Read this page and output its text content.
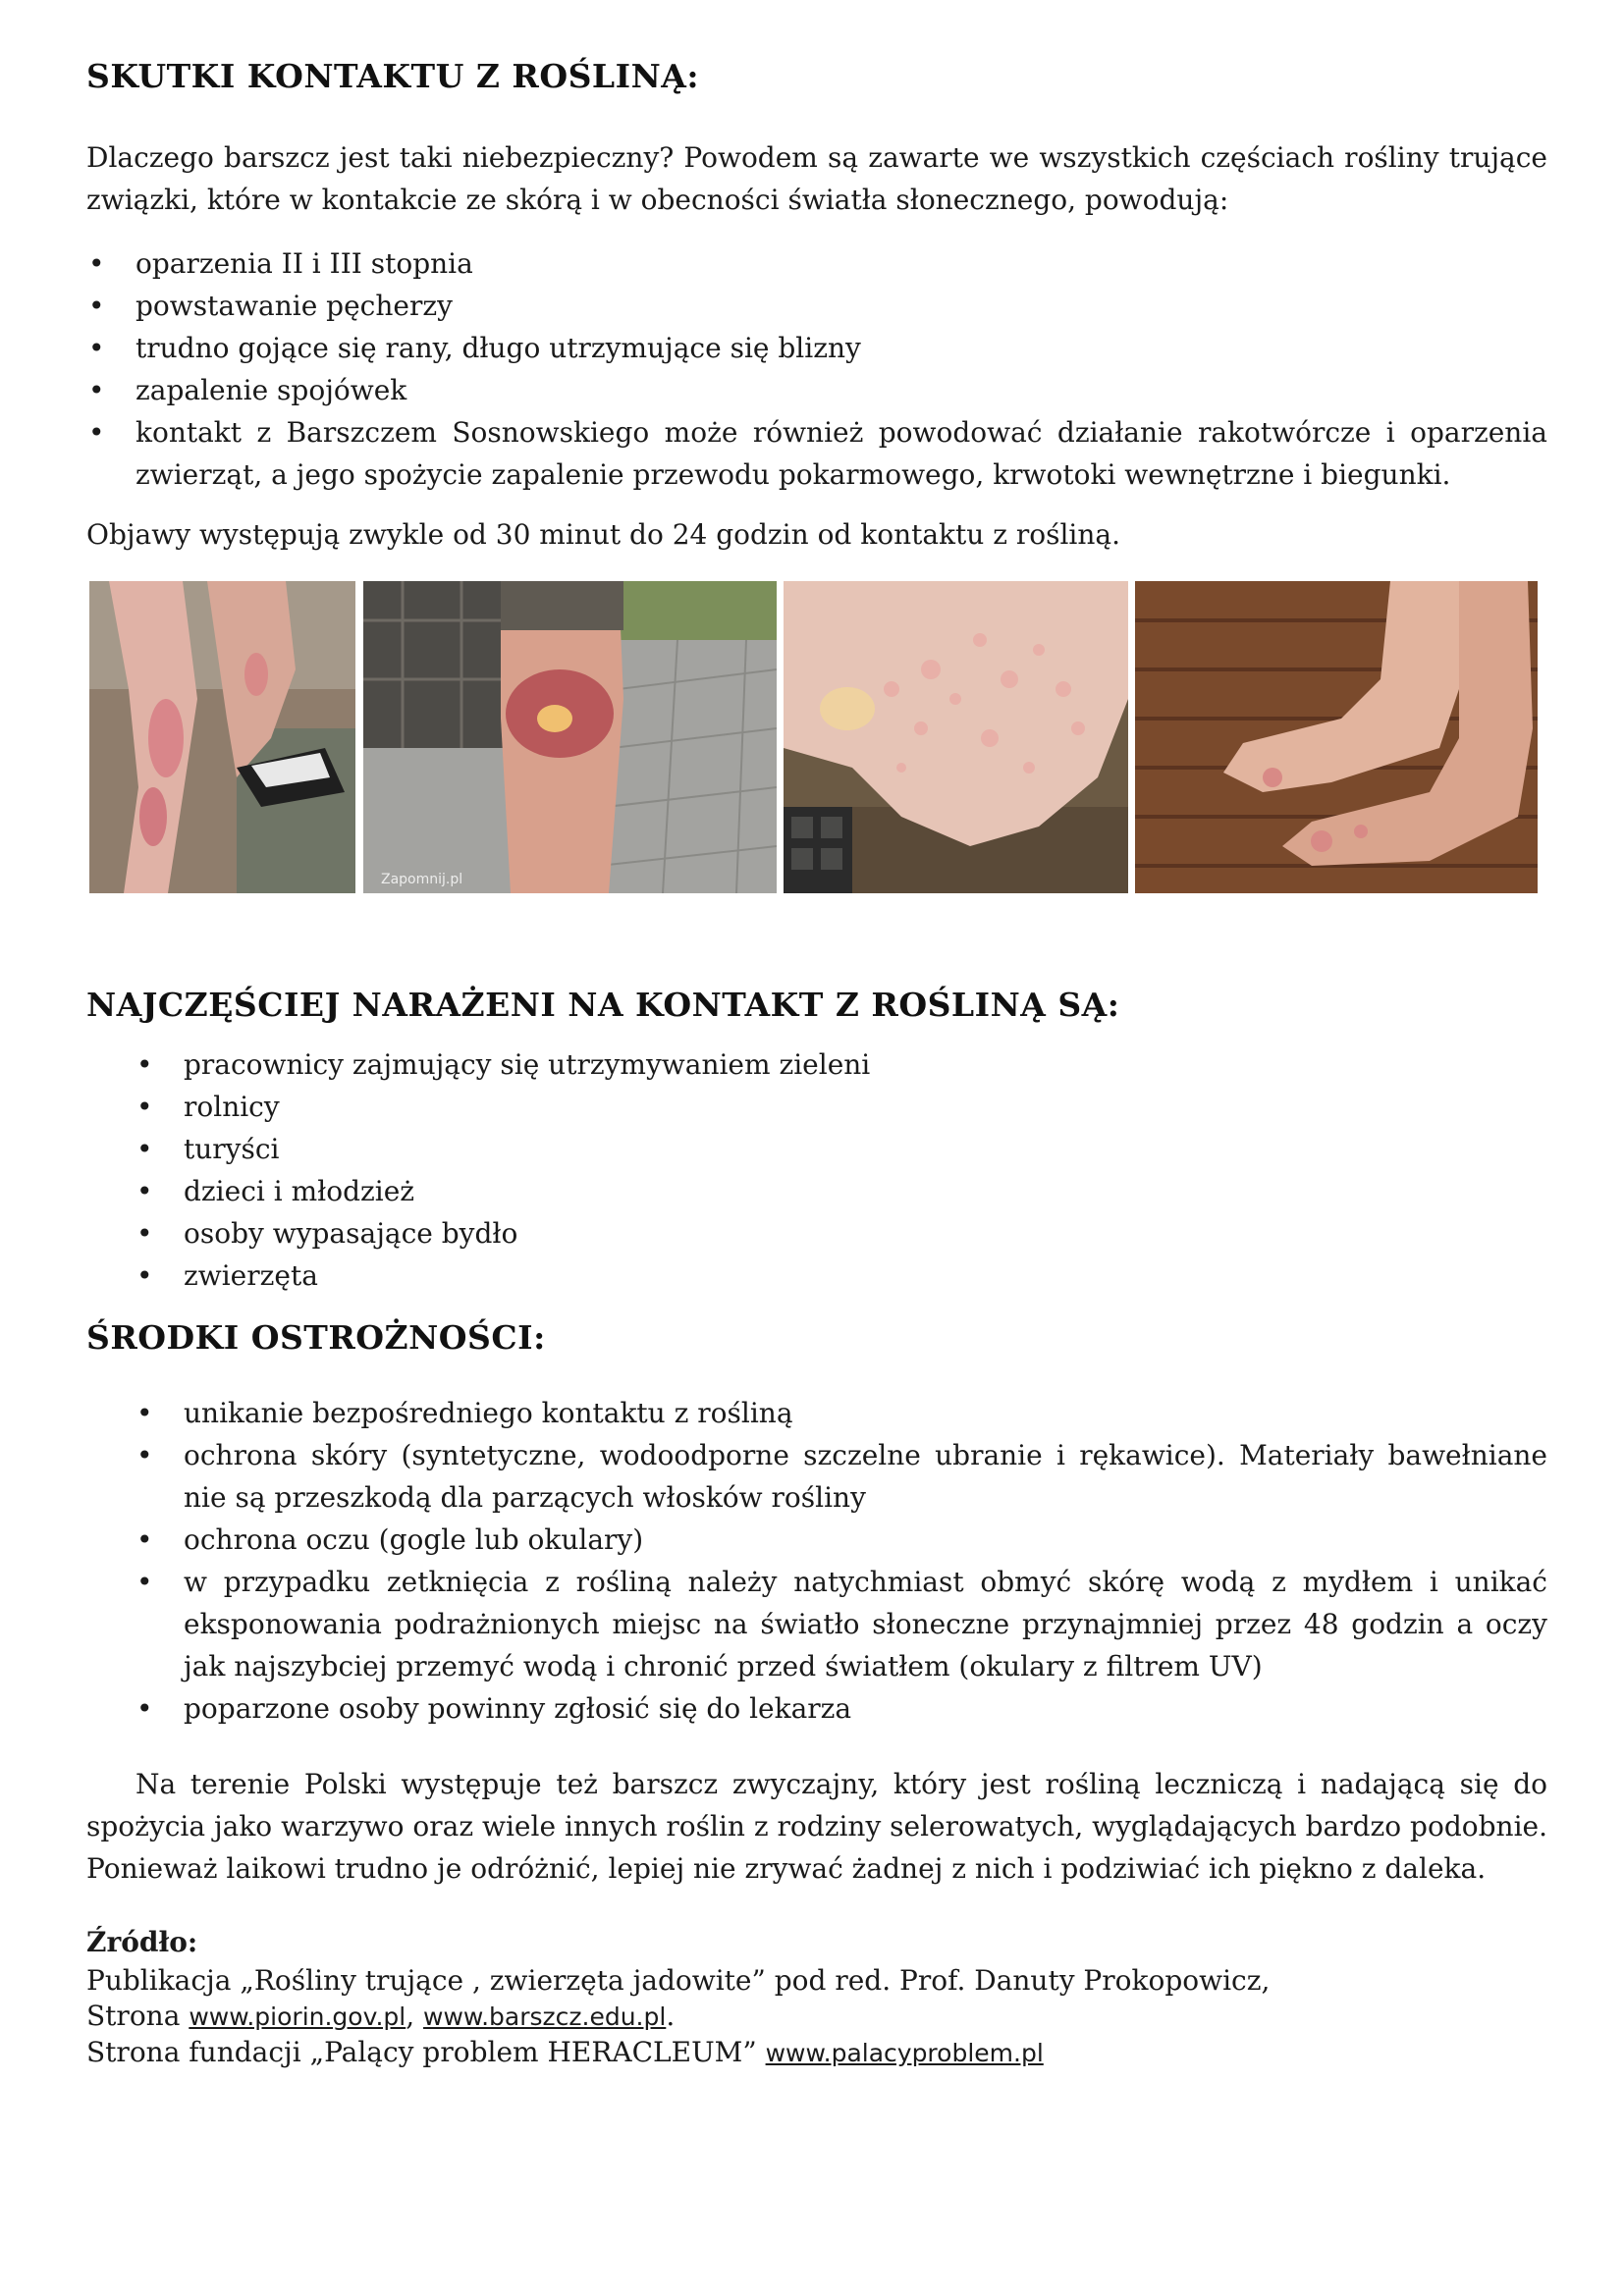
SKUTKI KONTAKTU Z ROŚLINĄ:

Dlaczego barszcz jest taki niebezpieczny? Powodem są zawarte we wszystkich częściach rośliny trujące związki, które w kontakcie ze skórą i w obecności światła słonecznego, powodują:

• oparzenia II i III stopnia
• powstawanie pęcherzy
• trudno gojące się rany, długo utrzymujące się blizny
• zapalenie spojówek
• kontakt z Barszczem Sosnowskiego może również powodować działanie rakotwórcze i oparzenia zwierząt, a jego spożycie zapalenie przewodu pokarmowego, krwotoki wewnętrzne i biegunki.

Objawy występują zwykle od 30 minut do 24 godzin od kontaktu z rośliną.

Zapomnij.pl
NAJCZĘŚCIEJ NARAŻENI NA KONTAKT Z ROŚLINĄ SĄ:
• pracownicy zajmujący się utrzymywaniem zieleni
• rolnicy
• turyści
• dzieci i młodzież
• osoby wypasające bydło
• zwierzęta
ŚRODKI OSTROŻNOŚCI:
• unikanie bezpośredniego kontaktu z rośliną
• ochrona skóry (syntetyczne, wodoodporne szczelne ubranie i rękawice). Materiały bawełniane nie są przeszkodą dla parzących włosków rośliny
• ochrona oczu (gogle lub okulary)
• w przypadku zetknięcia z rośliną należy natychmiast obmyć skórę wodą z mydłem i unikać eksponowania podrażnionych miejsc na światło słoneczne przynajmniej przez 48 godzin a oczy jak najszybciej przemyć wodą i chronić przed światłem (okulary z filtrem UV)
• poparzone osoby powinny zgłosić się do lekarza

Na terenie Polski występuje też barszcz zwyczajny, który jest rośliną leczniczą i nadającą się do spożycia jako warzywo oraz wiele innych roślin z rodziny selerowatych, wyglądających bardzo podobnie. Ponieważ laikowi trudno je odróżnić, lepiej nie zrywać żadnej z nich i podziwiać ich piękno z daleka.

Źródło:

Publikacja „Rośliny trujące , zwierzęta jadowite” pod red. Prof. Danuty Prokopowicz,

Strona www.piorin.gov.pl, www.barszcz.edu.pl.

Strona fundacji „Palący problem HERACLEUM” www.palacyproblem.pl
